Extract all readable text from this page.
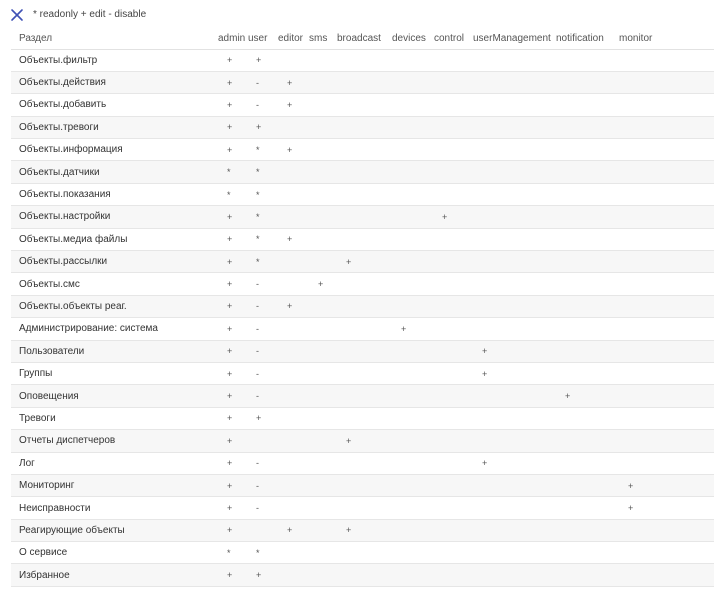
* readonly + edit - disable
Раздел	admin	user	editor	sms	broadcast	devices	control	userManagement	notification	monitor
Объекты.фильтр	+	+								
Объекты.действия	+	-	+							
Объекты.добавить	+	-	+							
Объекты.тревоги	+	+								
Объекты.информация	+	*	+							
Объекты.датчики	*	*								
Объекты.показания	*	*								
Объекты.настройки	+	*					+			
Объекты.медиа файлы	+	*	+							
Объекты.рассылки	+	*			+					
Объекты.смс	+	-		+						
Объекты.объекты реаг.	+	-	+							
Администрирование: система	+	-				+				
Пользователи	+	-						+		
Группы	+	-						+		
Оповещения	+	-							+	
Тревоги	+	+								
Отчеты диспетчеров	+				+					
Лог	+	-						+		
Мониторинг	+	-								+
Неисправности	+	-								+
Реагирующие объекты	+		+		+					
О сервисе	*	*								
Избранное	+	+								
